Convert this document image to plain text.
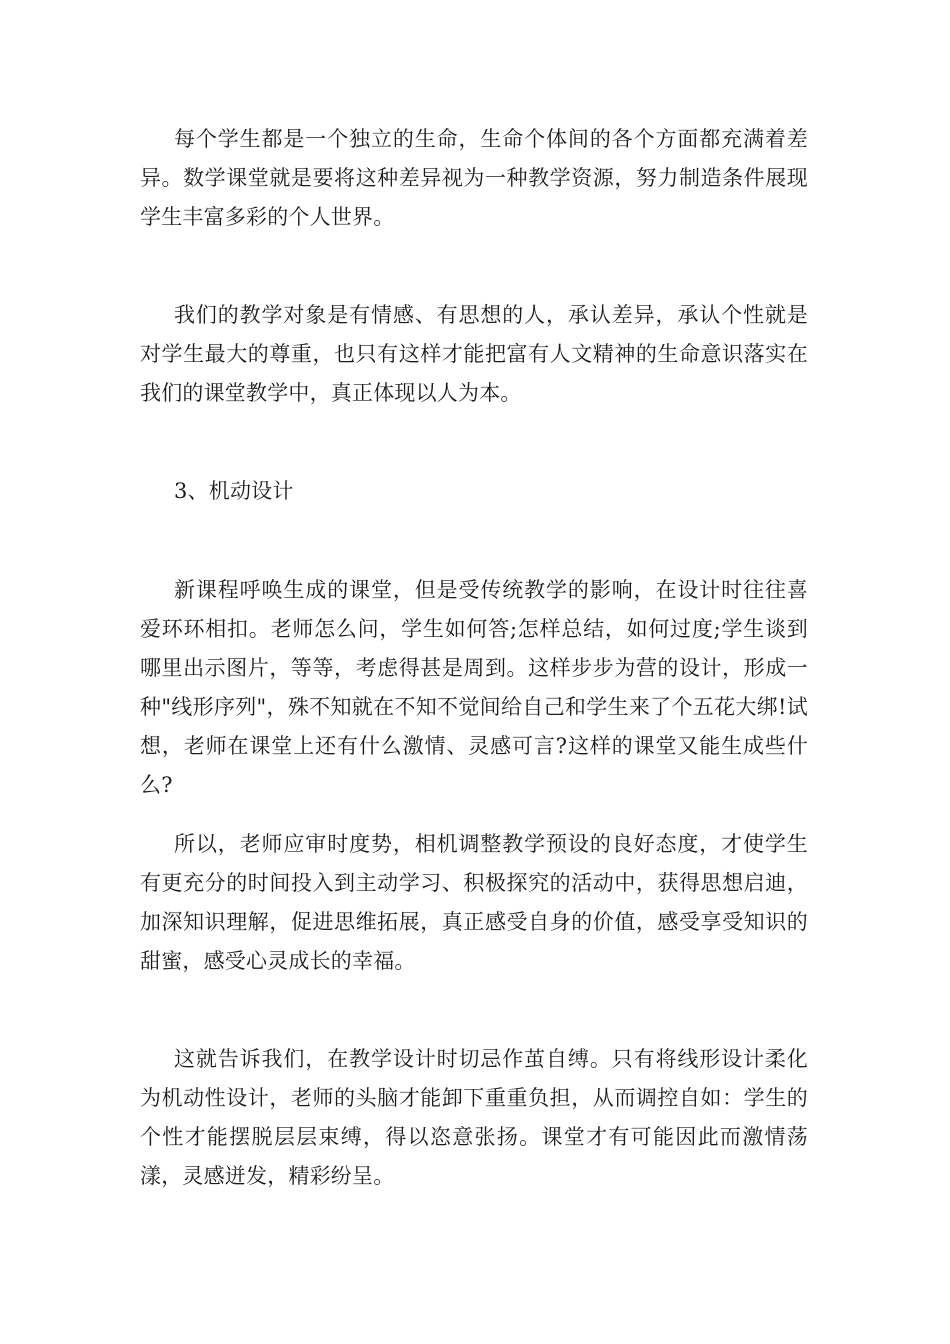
每个学生都是一个独立的生命，生命个体间的各个方面都充满着差异。数学课堂就是要将这种差异视为一种教学资源，努力制造条件展现学生丰富多彩的个人世界。

我们的教学对象是有情感、有思想的人，承认差异，承认个性就是对学生最大的尊重，也只有这样才能把富有人文精神的生命意识落实在我们的课堂教学中，真正体现以人为本。

3、机动设计

新课程呼唤生成的课堂，但是受传统教学的影响，在设计时往往喜爱环环相扣。老师怎么问，学生如何答;怎样总结，如何过度;学生谈到哪里出示图片，等等，考虑得甚是周到。这样步步为营的设计，形成一种"线形序列"，殊不知就在不知不觉间给自己和学生来了个五花大绑!试想，老师在课堂上还有什么激情、灵感可言?这样的课堂又能生成些什么?

所以，老师应审时度势，相机调整教学预设的良好态度，才使学生有更充分的时间投入到主动学习、积极探究的活动中，获得思想启迪，加深知识理解，促进思维拓展，真正感受自身的价值，感受享受知识的甜蜜，感受心灵成长的幸福。

这就告诉我们，在教学设计时切忌作茧自缚。只有将线形设计柔化为机动性设计，老师的头脑才能卸下重重负担，从而调控自如：学生的个性才能摆脱层层束缚，得以恣意张扬。课堂才有可能因此而激情荡漾，灵感迸发，精彩纷呈。
